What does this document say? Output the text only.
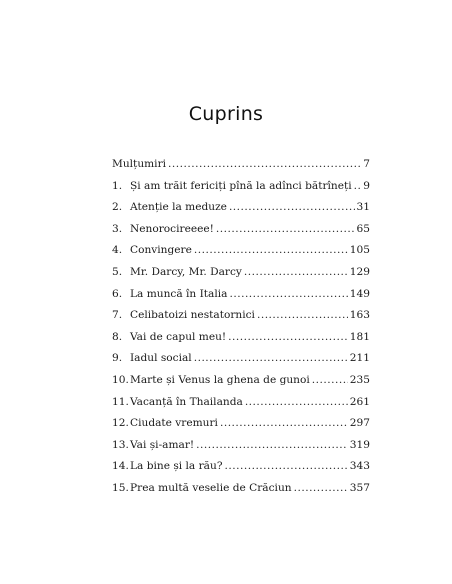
Cuprins
Mulțumiri .....	7
1. Și am trăit fericiți pînă la adînci bătrîneți ..... 9
2. Atenție la meduze .....	31
3. Nenorocireeee! .....	65
4. Convingere .....	105
5. Mr. Darcy, Mr. Darcy .....	129
6. La muncă în Italia .....	149
7. Celibatoizi nestatornici .....	163
8. Vai de capul meu! .....	181
9. Iadul social .....	211
10. Marte și Venus la ghena de gunoi .....	235
11. Vacanță în Thailanda .....	261
12. Ciudate vremuri .....	297
13. Vai și-amar! .....	319
14. La bine și la rău? .....	343
15. Prea multă veselie de Crăciun .....	357
